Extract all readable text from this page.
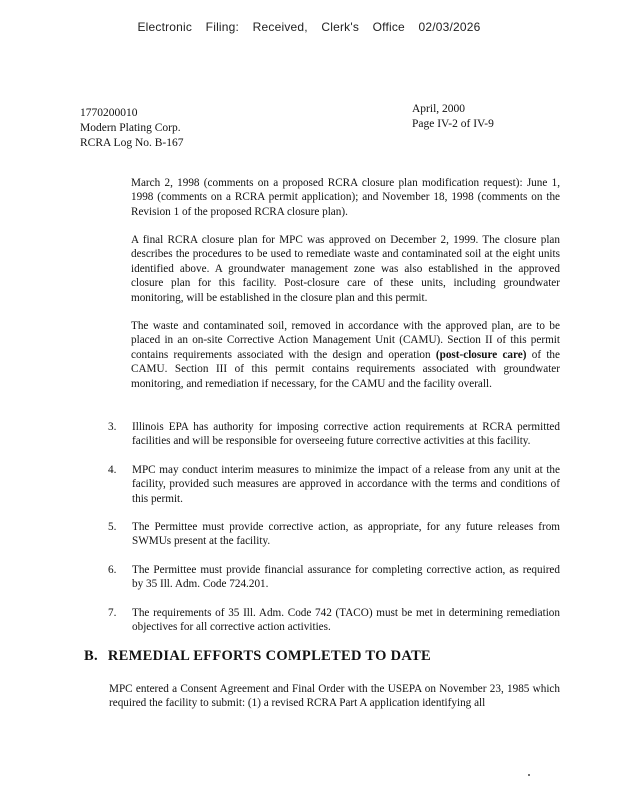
Electronic Filing: Received, Clerk's Office 02/03/2026
1770200010
Modern Plating Corp.
RCRA Log No. B-167
April, 2000
Page IV-2 of IV-9

March 2, 1998 (comments on a proposed RCRA closure plan modification request): June 1, 1998 (comments on a RCRA permit application); and November 18, 1998 (comments on the Revision 1 of the proposed RCRA closure plan).

A final RCRA closure plan for MPC was approved on December 2, 1999. The closure plan describes the procedures to be used to remediate waste and contaminated soil at the eight units identified above. A groundwater management zone was also established in the approved closure plan for this facility. Post-closure care of these units, including groundwater monitoring, will be established in the closure plan and this permit.

The waste and contaminated soil, removed in accordance with the approved plan, are to be placed in an on-site Corrective Action Management Unit (CAMU). Section II of this permit contains requirements associated with the design and operation (post-closure care) of the CAMU. Section III of this permit contains requirements associated with groundwater monitoring, and remediation if necessary, for the CAMU and the facility overall.

3. Illinois EPA has authority for imposing corrective action requirements at RCRA permitted facilities and will be responsible for overseeing future corrective activities at this facility.
4. MPC may conduct interim measures to minimize the impact of a release from any unit at the facility, provided such measures are approved in accordance with the terms and conditions of this permit.
5. The Permittee must provide corrective action, as appropriate, for any future releases from SWMUs present at the facility.
6. The Permittee must provide financial assurance for completing corrective action, as required by 35 Ill. Adm. Code 724.201.
7. The requirements of 35 Ill. Adm. Code 742 (TACO) must be met in determining remediation objectives for all corrective action activities.
B. REMEDIAL EFFORTS COMPLETED TO DATE

MPC entered a Consent Agreement and Final Order with the USEPA on November 23, 1985 which required the facility to submit: (1) a revised RCRA Part A application identifying all
